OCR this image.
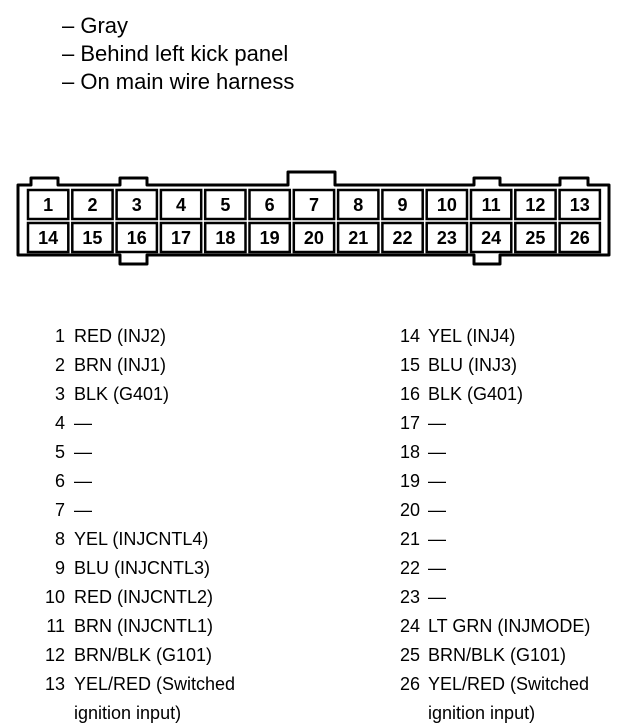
– Gray
– Behind left kick panel
– On main wire harness
1 2 3 4 5 6 7 8 9 10 11 12 13
14 15 16 17 18 19 20 21 22 23 24 25 26
1 RED (INJ2)
2 BRN (INJ1)
3 BLK (G401)
4 —
5 —
6 —
7 —
8 YEL (INJCNTL4)
9 BLU (INJCNTL3)
10 RED (INJCNTL2)
11 BRN (INJCNTL1)
12 BRN/BLK (G101)
13 YEL/RED (Switched
ignition input)
14 YEL (INJ4)
15 BLU (INJ3)
16 BLK (G401)
17 —
18 —
19 —
20 —
21 —
22 —
23 —
24 LT GRN (INJMODE)
25 BRN/BLK (G101)
26 YEL/RED (Switched
ignition input)
